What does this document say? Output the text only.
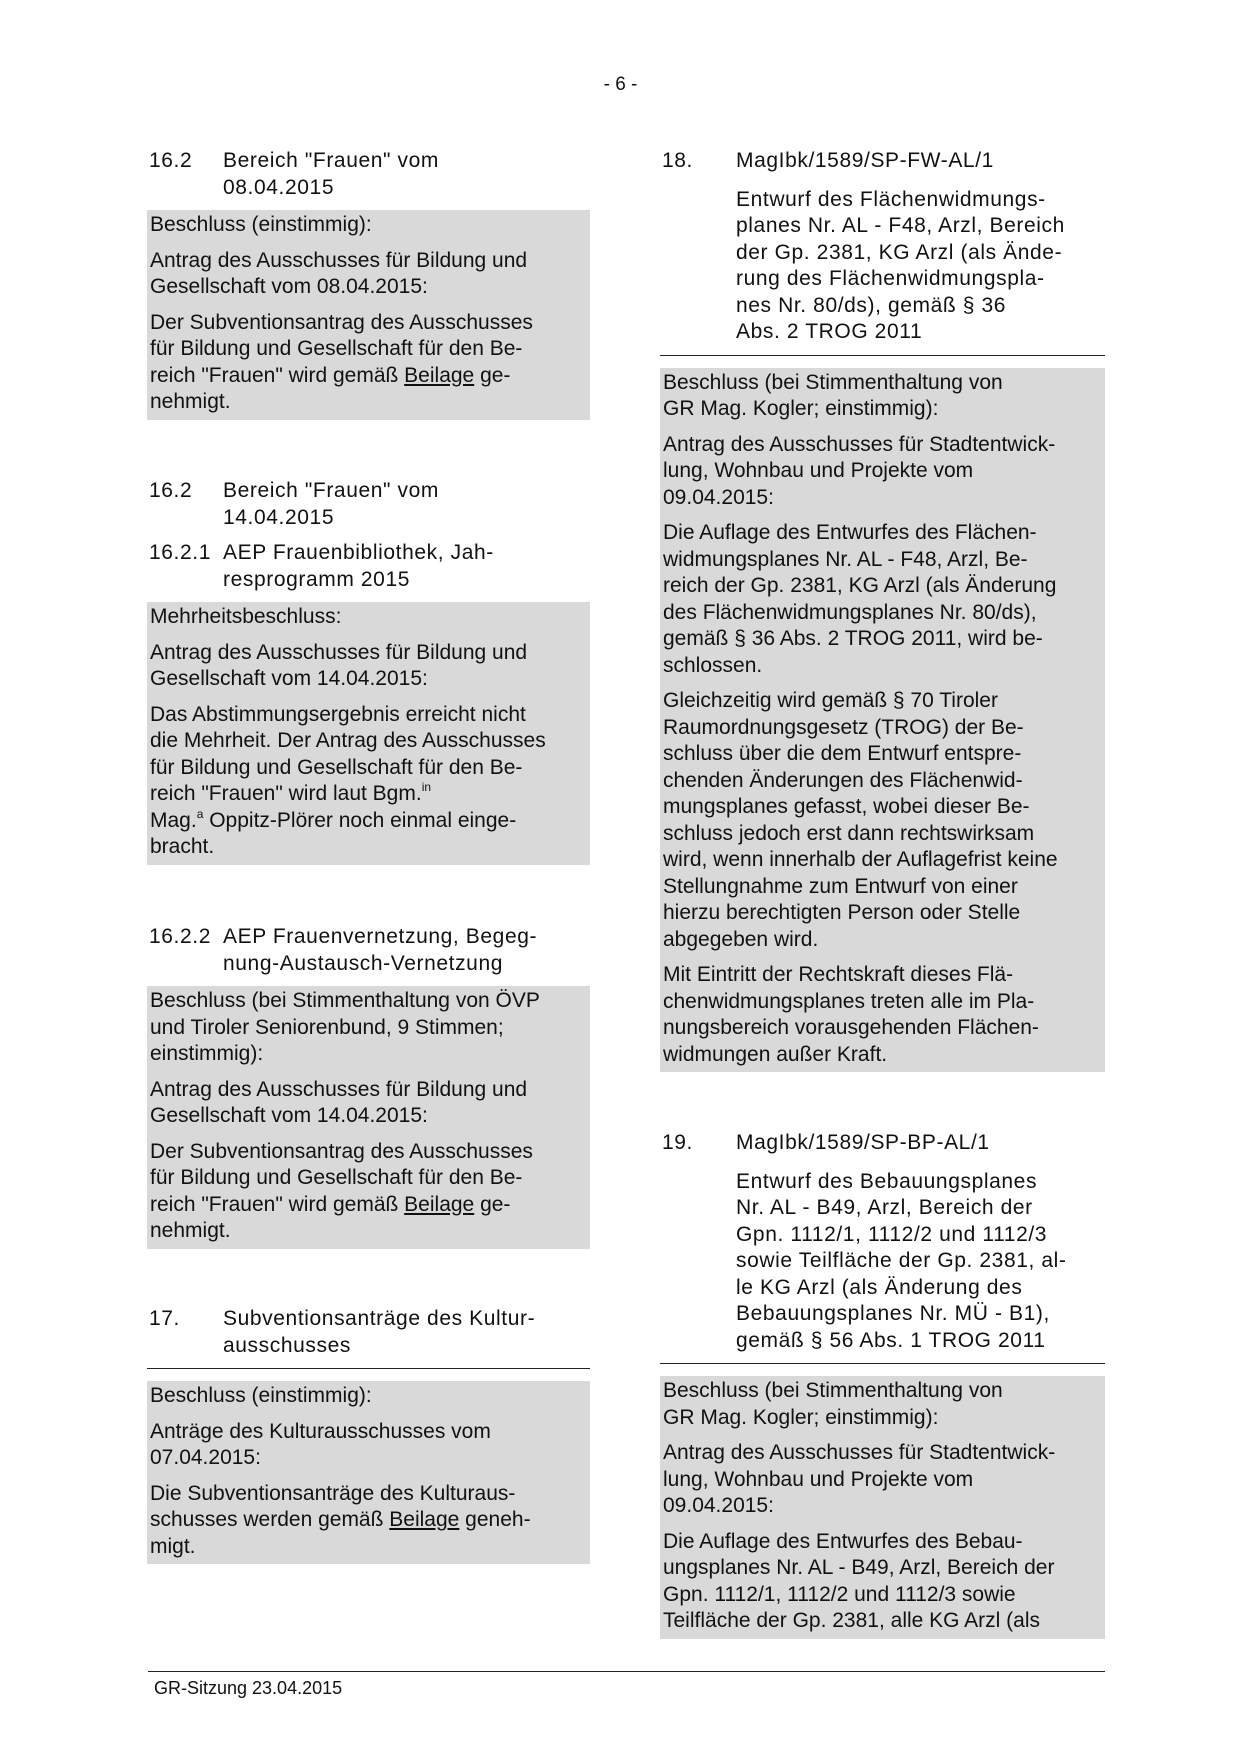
- 6 -
16.2 Bereich "Frauen" vom
08.04.2015

Beschluss (einstimmig):

Antrag des Ausschusses für Bildung und
Gesellschaft vom 08.04.2015:

Der Subventionsantrag des Ausschusses
für Bildung und Gesellschaft für den Be-
reich "Frauen" wird gemäß Beilage ge-
nehmigt.

16.2 Bereich "Frauen" vom
14.04.2015
16.2.1 AEP Frauenbibliothek, Jah-
resprogramm 2015

Mehrheitsbeschluss:

Antrag des Ausschusses für Bildung und
Gesellschaft vom 14.04.2015:

Das Abstimmungsergebnis erreicht nicht
die Mehrheit. Der Antrag des Ausschusses
für Bildung und Gesellschaft für den Be-
reich "Frauen" wird laut Bgm.$^{in}$
Mag.$^a$ Oppitz-Plörer noch einmal einge-
bracht.

16.2.2 AEP Frauenvernetzung, Begeg-
nung-Austausch-Vernetzung

Beschluss (bei Stimmenthaltung von ÖVP
und Tiroler Seniorenbund, 9 Stimmen;
einstimmig):

Antrag des Ausschusses für Bildung und
Gesellschaft vom 14.04.2015:

Der Subventionsantrag des Ausschusses
für Bildung und Gesellschaft für den Be-
reich "Frauen" wird gemäß Beilage ge-
nehmigt.

17. Subventionsanträge des Kultur-
ausschusses

Beschluss (einstimmig):

Anträge des Kulturausschusses vom
07.04.2015:

Die Subventionsanträge des Kulturaus-
schusses werden gemäß Beilage geneh-
migt.

18. MagIbk/1589/SP-FW-AL/1
Entwurf des Flächenwidmungs-
planes Nr. AL - F48, Arzl, Bereich
der Gp. 2381, KG Arzl (als Ände-
rung des Flächenwidmungspla-
nes Nr. 80/ds), gemäß § 36
Abs. 2 TROG 2011

Beschluss (bei Stimmenthaltung von
GR Mag. Kogler; einstimmig):

Antrag des Ausschusses für Stadtentwick-
lung, Wohnbau und Projekte vom
09.04.2015:

Die Auflage des Entwurfes des Flächen-
widmungsplanes Nr. AL - F48, Arzl, Be-
reich der Gp. 2381, KG Arzl (als Änderung
des Flächenwidmungsplanes Nr. 80/ds),
gemäß § 36 Abs. 2 TROG 2011, wird be-
schlossen.

Gleichzeitig wird gemäß § 70 Tiroler
Raumordnungsgesetz (TROG) der Be-
schluss über die dem Entwurf entspre-
chenden Änderungen des Flächenwid-
mungsplanes gefasst, wobei dieser Be-
schluss jedoch erst dann rechtswirksam
wird, wenn innerhalb der Auflagefrist keine
Stellungnahme zum Entwurf von einer
hierzu berechtigten Person oder Stelle
abgegeben wird.

Mit Eintritt der Rechtskraft dieses Flä-
chenwidmungsplanes treten alle im Pla-
nungsbereich vorausgehenden Flächen-
widmungen außer Kraft.

19. MagIbk/1589/SP-BP-AL/1
Entwurf des Bebauungsplanes
Nr. AL - B49, Arzl, Bereich der
Gpn. 1112/1, 1112/2 und 1112/3
sowie Teilfläche der Gp. 2381, al-
le KG Arzl (als Änderung des
Bebauungsplanes Nr. MÜ - B1),
gemäß § 56 Abs. 1 TROG 2011

Beschluss (bei Stimmenthaltung von
GR Mag. Kogler; einstimmig):

Antrag des Ausschusses für Stadtentwick-
lung, Wohnbau und Projekte vom
09.04.2015:

Die Auflage des Entwurfes des Bebau-
ungsplanes Nr. AL - B49, Arzl, Bereich der
Gpn. 1112/1, 1112/2 und 1112/3 sowie
Teilfläche der Gp. 2381, alle KG Arzl (als

GR-Sitzung 23.04.2015
